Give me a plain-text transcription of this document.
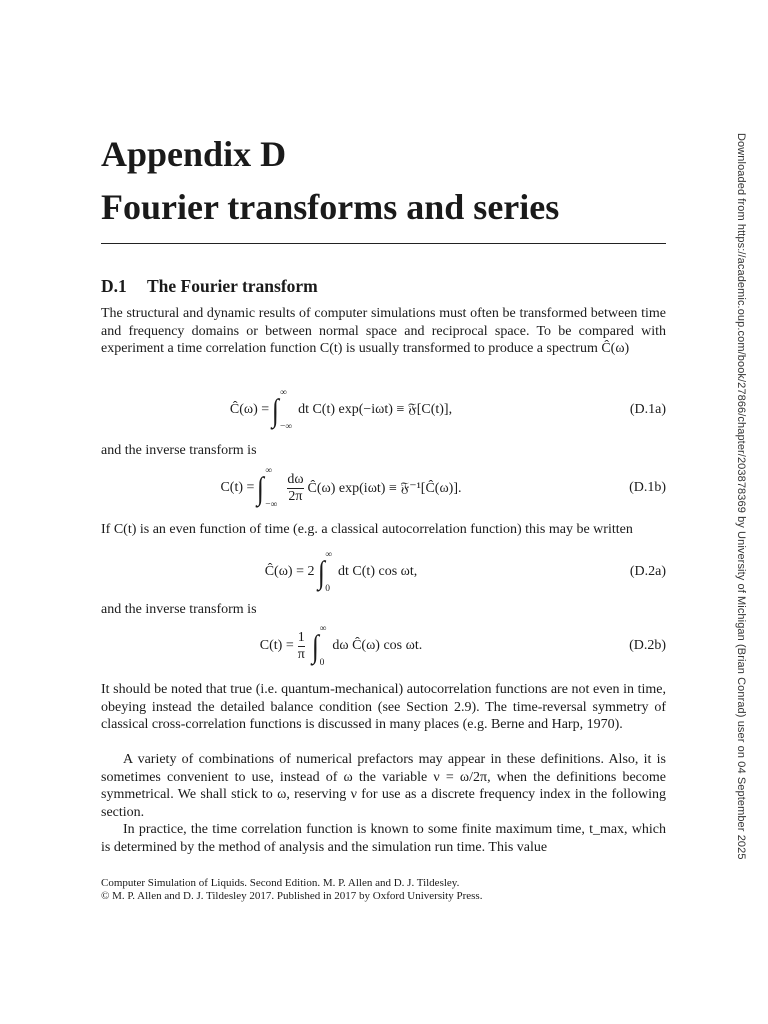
Appendix D
Fourier transforms and series
D.1 The Fourier transform
The structural and dynamic results of computer simulations must often be transformed between time and frequency domains or between normal space and reciprocal space. To be compared with experiment a time correlation function C(t) is usually transformed to produce a spectrum Ĉ(ω)
Ĉ(ω) = ∫ ∞
−∞
dt C(t) exp(−iωt) ≡ 𝔉[C(t)],	(D.1a)
and the inverse transform is
C(t) = ∫ ∞
−∞
$\frac{d\omega}{2\pi}$ Ĉ(ω) exp(iωt) ≡ 𝔉⁻¹[Ĉ(ω)].	(D.1b)
If C(t) is an even function of time (e.g. a classical autocorrelation function) this may be written
Ĉ(ω) = 2 ∫ ∞
0
dt C(t) cos ωt,	(D.2a)
and the inverse transform is
$C(t) = \frac{1}{\pi}$ ∫ ∞
0
dω Ĉ(ω) cos ωt.	(D.2b)
It should be noted that true (i.e. quantum-mechanical) autocorrelation functions are not even in time, obeying instead the detailed balance condition (see Section 2.9). The time-reversal symmetry of classical cross-correlation functions is discussed in many places (e.g. Berne and Harp, 1970).
A variety of combinations of numerical prefactors may appear in these definitions. Also, it is sometimes convenient to use, instead of ω the variable ν = ω/2π, when the definitions become symmetrical. We shall stick to ω, reserving ν for use as a discrete frequency index in the following section.
In practice, the time correlation function is known to some finite maximum time, t_max, which is determined by the method of analysis and the simulation run time. This value
Computer Simulation of Liquids. Second Edition. M. P. Allen and D. J. Tildesley.
© M. P. Allen and D. J. Tildesley 2017. Published in 2017 by Oxford University Press.
Downloaded from https://academic.oup.com/book/27866/chapter/203878369 by University of Michigan (Brian Conrad) user on 04 September 2025
